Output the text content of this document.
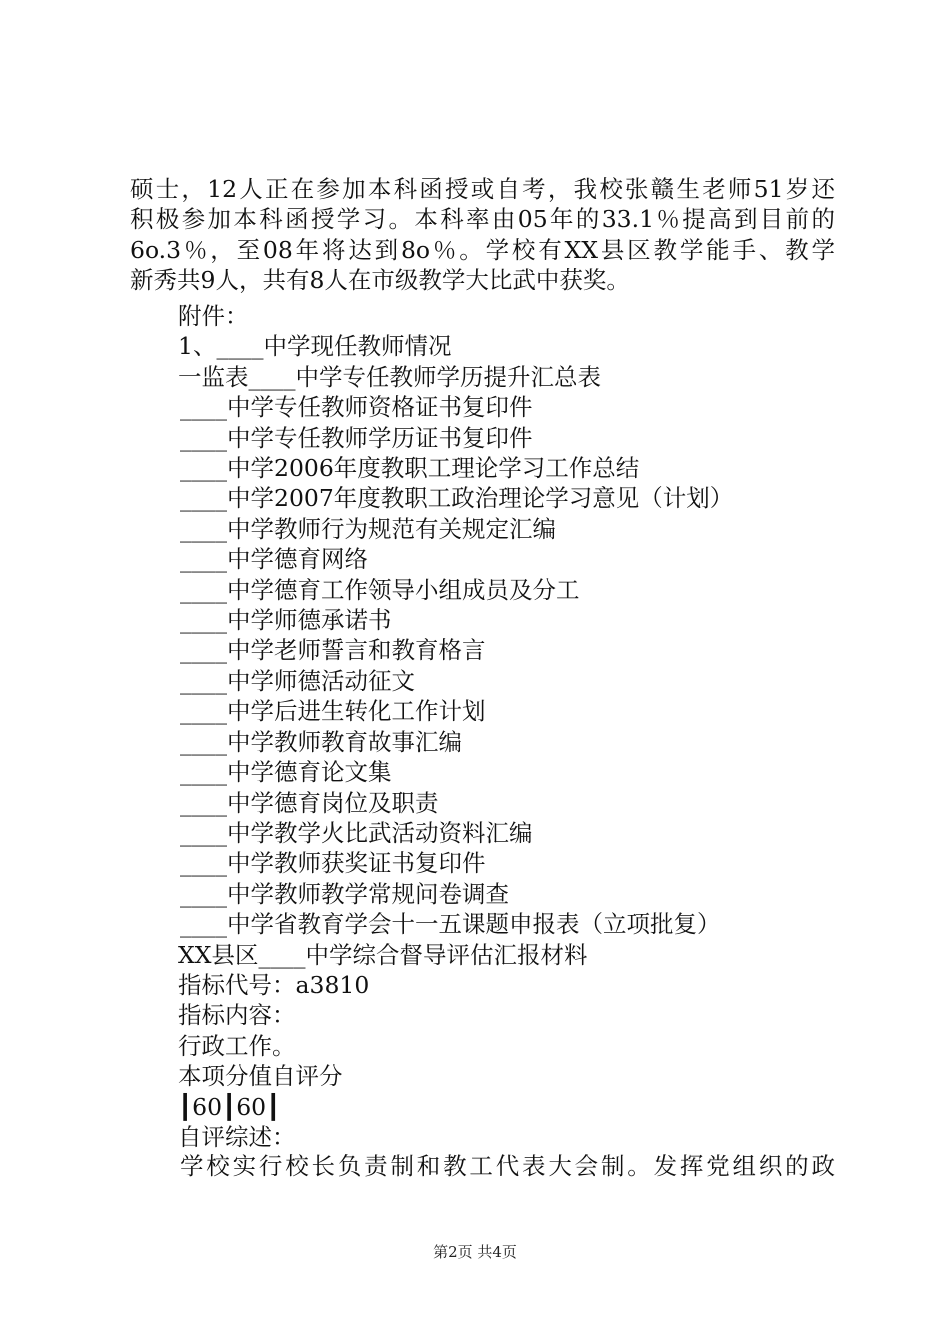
硕士，12人正在参加本科函授或自考，我校张赣生老师51岁还
积极参加本科函授学习。本科率由05年的33.1％提高到目前的
6o.3％，至08年将达到8o％。学校有XX县区教学能手、教学
新秀共9人，共有8人在市级教学大比武中获奖。
附件：
1、____中学现任教师情况
一监表____中学专任教师学历提升汇总表
____中学专任教师资格证书复印件
____中学专任教师学历证书复印件
____中学2006年度教职工理论学习工作总结
____中学2007年度教职工政治理论学习意见（计划）
____中学教师行为规范有关规定汇编
____中学德育网络
____中学德育工作领导小组成员及分工
____中学师德承诺书
____中学老师誓言和教育格言
____中学师德活动征文
____中学后进生转化工作计划
____中学教师教育故事汇编
____中学德育论文集
____中学德育岗位及职责
____中学教学火比武活动资料汇编
____中学教师获奖证书复印件
____中学教师教学常规问卷调查
____中学省教育学会十一五课题申报表（立项批复）
XX县区____中学综合督导评估汇报材料
指标代号：a3810
指标内容：
行政工作。
本项分值自评分
┃60┃60┃
自评综述：
学校实行校长负责制和教工代表大会制。发挥党组织的政
第2页 共4页
